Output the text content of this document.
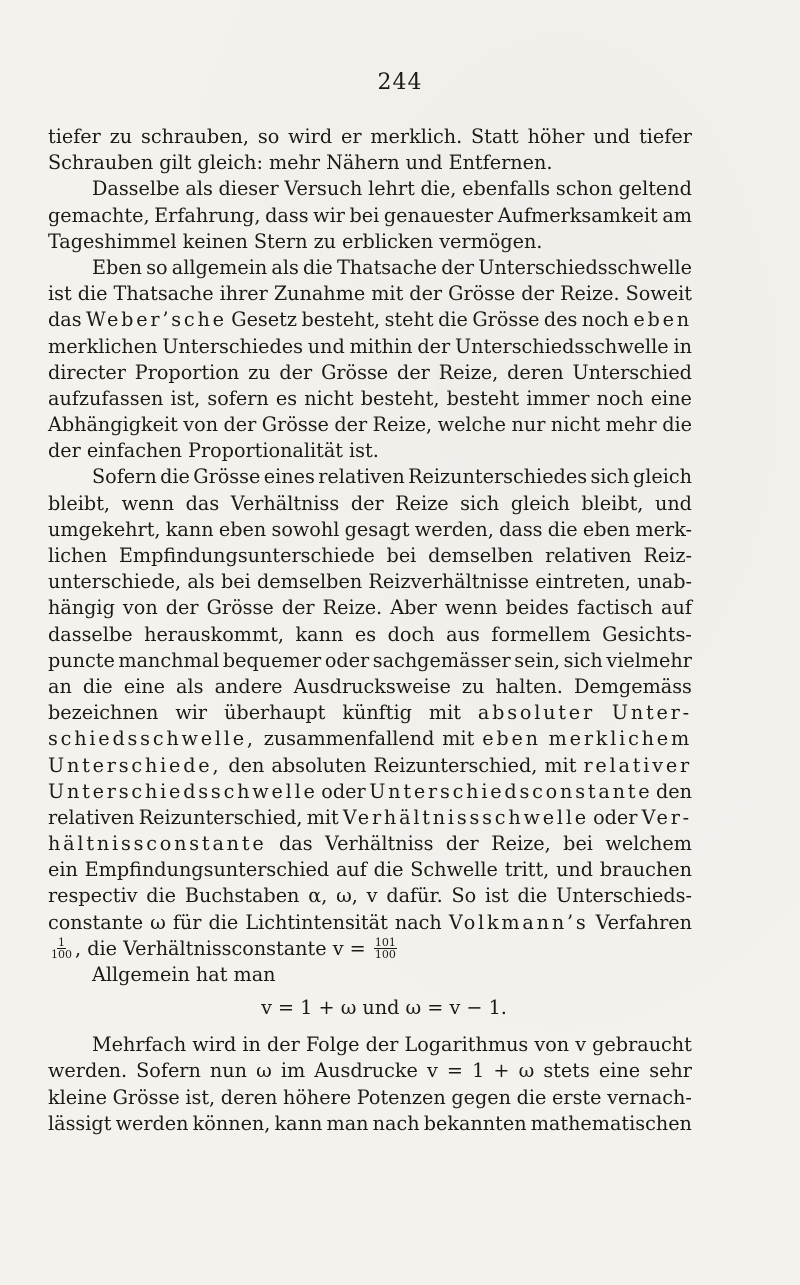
244
tiefer zu schrauben, so wird er merklich. Statt höher und tiefer
Schrauben gilt gleich: mehr Nähern und Entfernen.
Dasselbe als dieser Versuch lehrt die, ebenfalls schon geltend
gemachte, Erfahrung, dass wir bei genauester Aufmerksamkeit am
Tageshimmel keinen Stern zu erblicken vermögen.
Eben so allgemein als die Thatsache der Unterschiedsschwelle
ist die Thatsache ihrer Zunahme mit der Grösse der Reize. Soweit
das Weber’sche Gesetz besteht, steht die Grösse des noch eben
merklichen Unterschiedes und mithin der Unterschiedsschwelle in
directer Proportion zu der Grösse der Reize, deren Unterschied
aufzufassen ist, sofern es nicht besteht, besteht immer noch eine
Abhängigkeit von der Grösse der Reize, welche nur nicht mehr die
der einfachen Proportionalität ist.
Sofern die Grösse eines relativen Reizunterschiedes sich gleich
bleibt, wenn das Verhältniss der Reize sich gleich bleibt, und
umgekehrt, kann eben sowohl gesagt werden, dass die eben merk-
lichen Empfindungsunterschiede bei demselben relativen Reiz-
unterschiede, als bei demselben Reizverhältnisse eintreten, unab-
hängig von der Grösse der Reize. Aber wenn beides factisch auf
dasselbe herauskommt, kann es doch aus formellem Gesichts-
puncte manchmal bequemer oder sachgemässer sein, sich vielmehr
an die eine als andere Ausdrucksweise zu halten. Demgemäss
bezeichnen wir überhaupt künftig mit absoluter Unter-
schiedsschwelle, zusammenfallend mit eben merklichem
Unterschiede, den absoluten Reizunterschied, mit relativer
Unterschiedsschwelle oder Unterschiedsconstante den
relativen Reizunterschied, mit Verhältnissschwelle oder Ver-
hältnissconstante das Verhältniss der Reize, bei welchem
ein Empfindungsunterschied auf die Schwelle tritt, und brauchen
respectiv die Buchstaben α, ω, v dafür. So ist die Unterschieds-
constante ω für die Lichtintensität nach Volkmann’s Verfahren
$\frac{1}{100}$ , die Verhältnissconstante $v = \frac{101}{100}$
Allgemein hat man
v = 1 + ω und ω = v − 1.
Mehrfach wird in der Folge der Logarithmus von v gebraucht
werden. Sofern nun ω im Ausdrucke v = 1 + ω stets eine sehr
kleine Grösse ist, deren höhere Potenzen gegen die erste vernach-
lässigt werden können, kann man nach bekannten mathematischen
